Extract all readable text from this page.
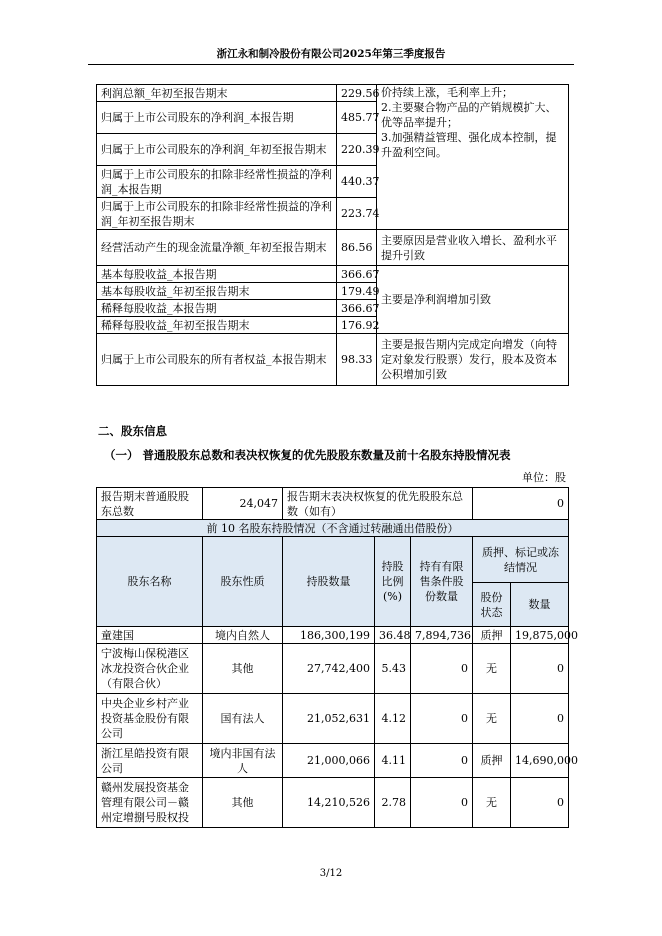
浙江永和制冷股份有限公司2025年第三季度报告
利润总额_年初至报告期末	229.56	价持续上涨，毛利率上升；
2.主要聚合物产品的产销规模扩大、优等品率提升；
3.加强精益管理、强化成本控制，提升盈利空间。
归属于上市公司股东的净利润_本报告期	485.77	
归属于上市公司股东的净利润_年初至报告期末	220.39	
归属于上市公司股东的扣除非经常性损益的净利润_本报告期	440.37	
归属于上市公司股东的扣除非经常性损益的净利润_年初至报告期末	223.74	
经营活动产生的现金流量净额_年初至报告期末	86.56	主要原因是营业收入增长、盈利水平提升引致
基本每股收益_本报告期	366.67	主要是净利润增加引致
基本每股收益_年初至报告期末	179.49	
稀释每股收益_本报告期	366.67	
稀释每股收益_年初至报告期末	176.92	
归属于上市公司股东的所有者权益_本报告期末	98.33	主要是报告期内完成定向增发（向特定对象发行股票）发行，股本及资本公积增加引致
二、股东信息
（一） 普通股股东总数和表决权恢复的优先股股东数量及前十名股东持股情况表
单位：股
报告期末普通股股东总数	24,047	报告期末表决权恢复的优先股股东总数（如有）			0	
前 10 名股东持股情况（不含通过转融通出借股份）						
股东名称	股东性质	持股数量	持股比例(%)	持有有限售条件股份数量	质押、标记或冻结情况	
					股份状态	数量
童建国	境内自然人	186,300,199	36.48	7,894,736	质押	19,875,000
宁波梅山保税港区冰龙投资合伙企业（有限合伙）	其他	27,742,400	5.43	0	无	0
中央企业乡村产业投资基金股份有限公司	国有法人	21,052,631	4.12	0	无	0
浙江星皓投资有限公司	境内非国有法人	21,000,066	4.11	0	质押	14,690,000
赣州发展投资基金管理有限公司－赣州定增捌号股权投	其他	14,210,526	2.78	0	无	0
3/12
